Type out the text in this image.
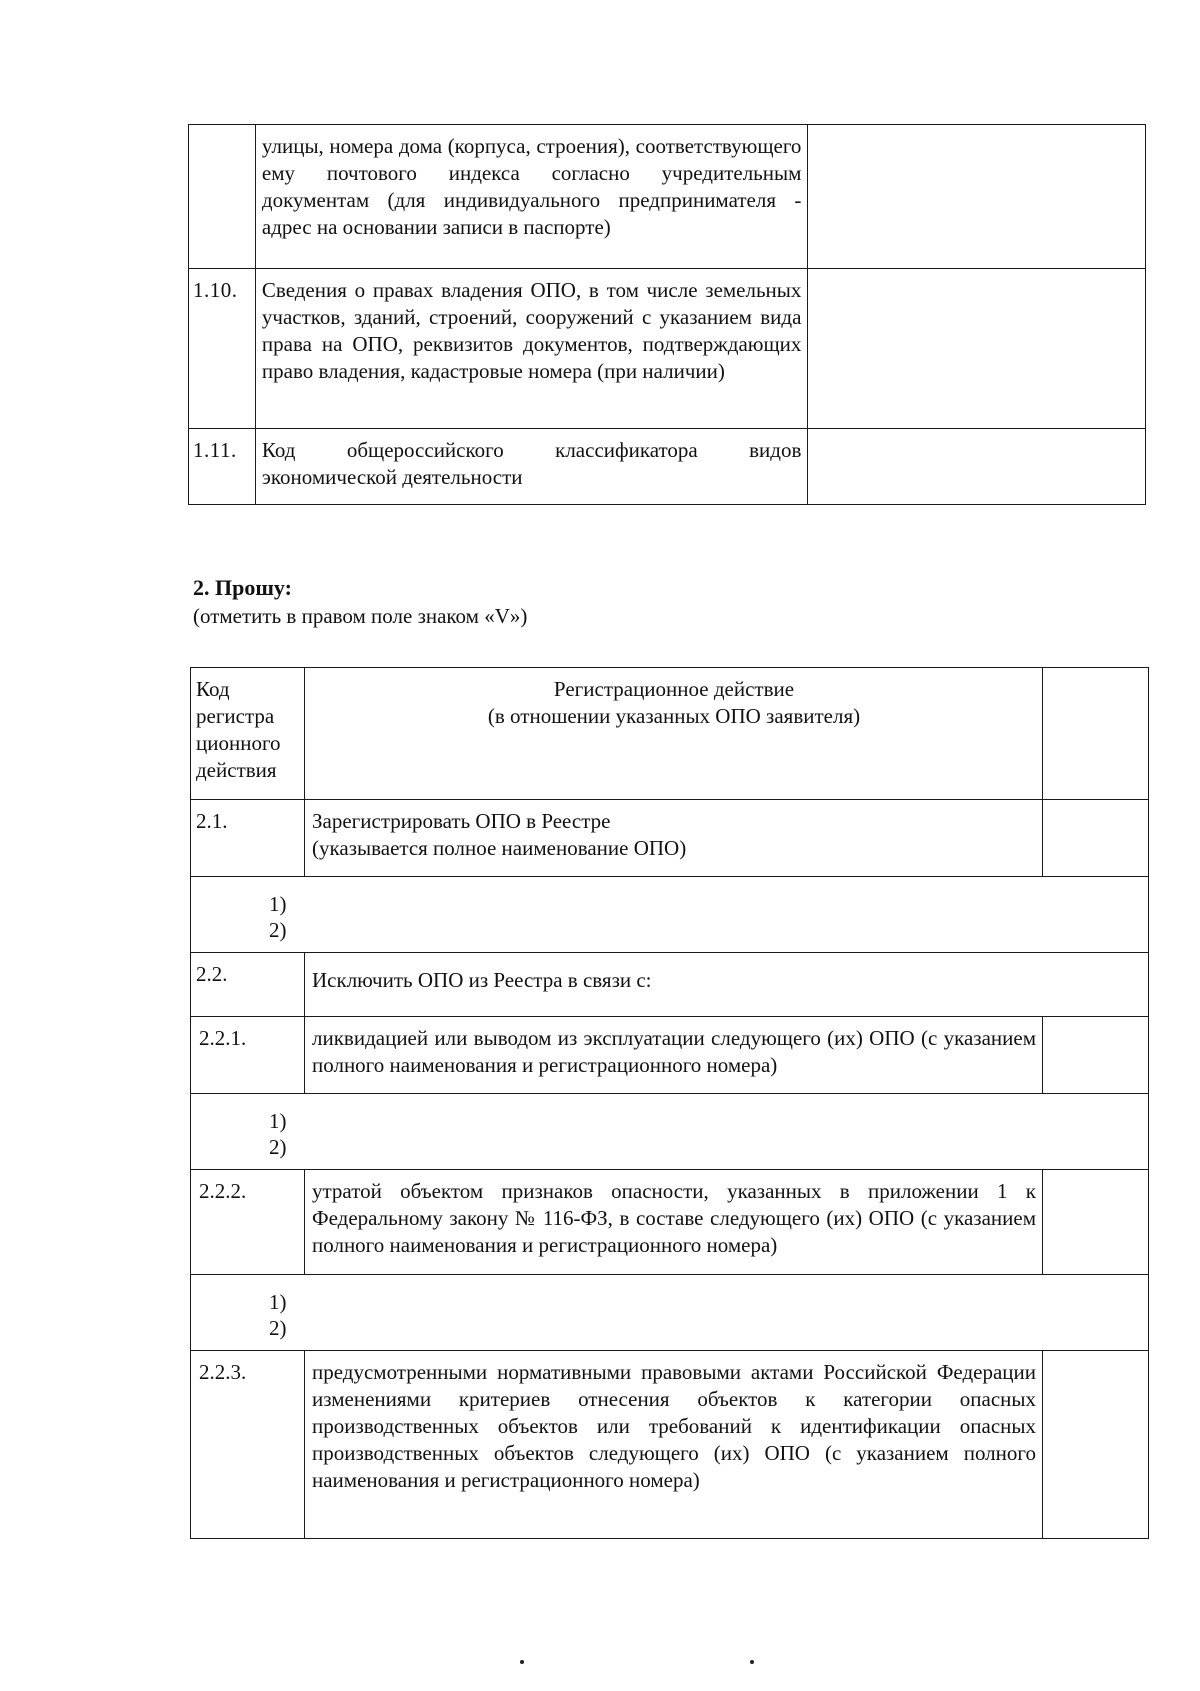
	улицы, номера дома (корпуса, строения), соответствующего ему почтового индекса согласно учредительным документам (для индивидуального предпринимателя - адрес на основании записи в паспорте)	
1.10.	Сведения о правах владения ОПО, в том числе земельных участков, зданий, строений, сооружений с указанием вида права на ОПО, реквизитов документов, подтверждающих право владения, кадастровые номера (при наличии)	
1.11.	Код общероссийского классификатора видов экономической деятельности	
2. Прошу:
(отметить в правом поле знаком «V»)
Код регистра ционного действия	Регистрационное действие
(в отношении указанных ОПО заявителя)	

2.1.	Зарегистрировать ОПО в Реестре
(указывается полное наименование ОПО)	

1)
2)		

2.2.	Исключить ОПО из Реестра в связи с:	
2.2.1.	ликвидацией или выводом из эксплуатации следующего (их) ОПО (с указанием полного наименования и регистрационного номера)	

1)
2)		

2.2.2.	утратой объектом признаков опасности, указанных в приложении 1 к Федеральному закону № 116-ФЗ, в составе следующего (их) ОПО (с указанием полного наименования и регистрационного номера)	

1)
2)		

2.2.3.	предусмотренными нормативными правовыми актами Российской Федерации изменениями критериев отнесения объектов к категории опасных производственных объектов или требований к идентификации опасных производственных объектов следующего (их) ОПО (с указанием полного наименования и регистрационного номера)	
